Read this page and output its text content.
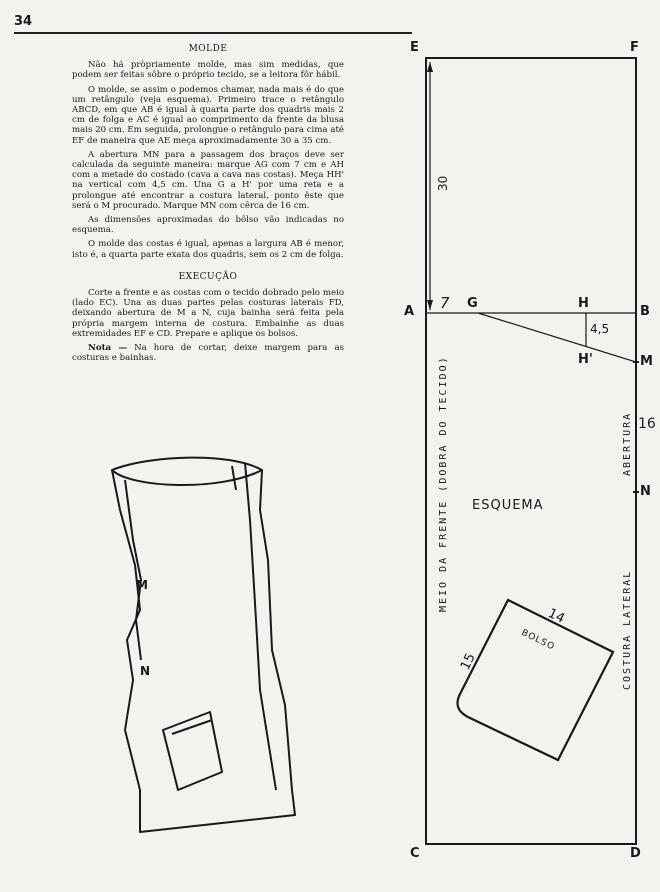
34
MOLDE

Não há pròpriamente molde, mas sim medidas, que podem ser feitas sôbre o próprio tecido, se a leitora fôr hábil.

O molde, se assim o podemos chamar, nada mais é do que um retângulo (veja esquema). Primeiro trace o retângulo ABCD, em que AB é igual à quarta parte dos quadris mais 2 cm de folga e AC é igual ao comprimento da frente da blusa mais 20 cm. Em seguida, prolongue o retângulo para cima até EF de maneira que AE meça aproximadamente 30 a 35 cm.

A abertura MN para a passagem dos braços deve ser calculada da seguinte maneira: marque AG com 7 cm e AH com a metade do costado (cava a cava nas costas). Meça HH' na vertical com 4,5 cm. Una G a H' por uma reta e a prolongue até encontrar a costura lateral, ponto êste que será o M procurado. Marque MN com cêrca de 16 cm.

As dimensões aproximadas do bôlso vão indicadas no esquema.

O molde das costas é igual, apenas a largura AB é menor, isto é, a quarta parte exata dos quadris, sem os 2 cm de folga.

EXECUÇÃO

Corte a frente e as costas com o tecido dobrado pelo meio (lado EC). Una as duas partes pelas costuras laterais FD, deixando abertura de M a N, cuja bainha será feita pela própria margem interna de costura. Embainhe as duas extremidades EF e CD. Prepare e aplique os bolsos.

Nota — Na hora de cortar, deixe margem para as costuras e bainhas.

M
N
E	F
A	B
C	D
G	H
H'	M
N
30
7
4,5
16
ESQUEMA
MEIO DA FRENTE (DOBRA DO TECIDO)	ABERTURA
COSTURA LATERAL
BOLSO
14
15
